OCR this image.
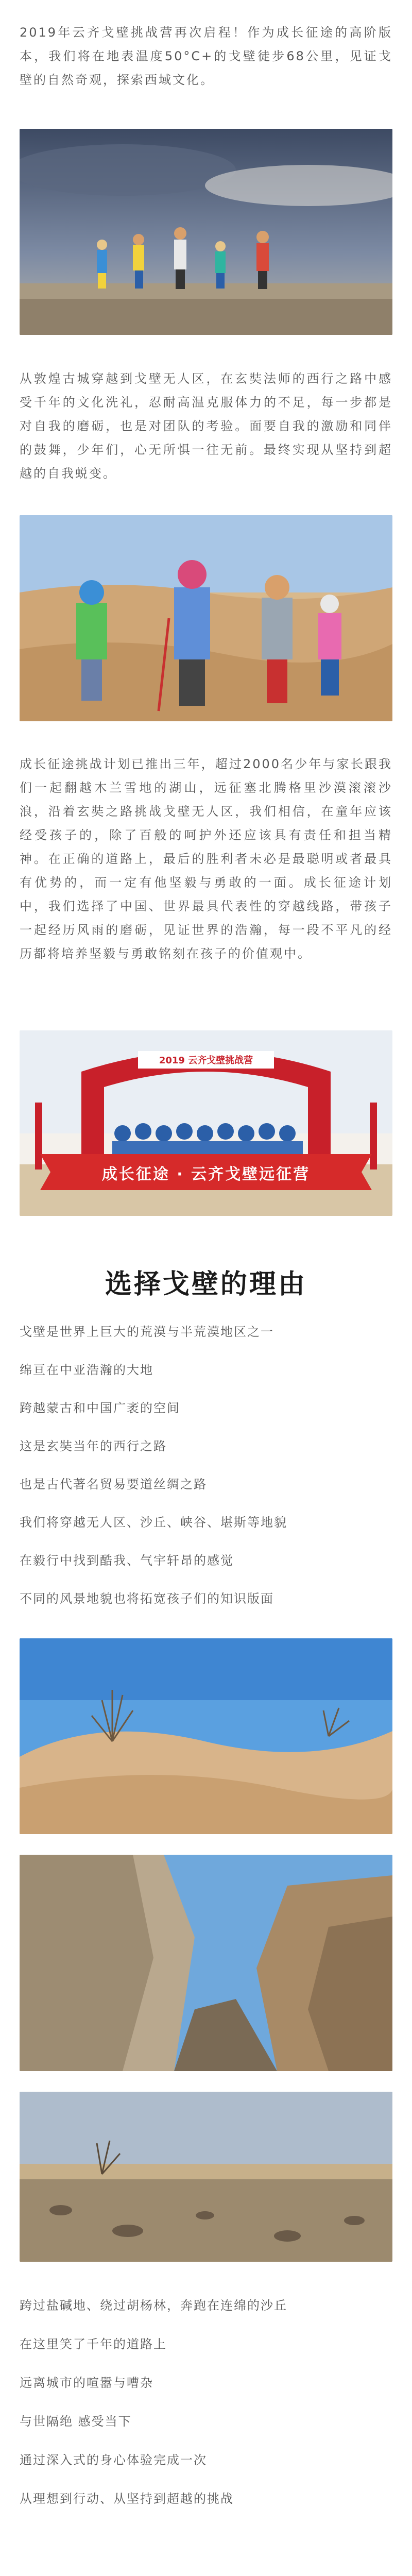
2019年云齐戈壁挑战营再次启程！作为成长征途的高阶版本，我们将在地表温度50°C+的戈壁徒步68公里，见证戈壁的自然奇观，探索西域文化。

从敦煌古城穿越到戈壁无人区，在玄奘法师的西行之路中感受千年的文化洗礼，忍耐高温克服体力的不足，每一步都是对自我的磨砺，也是对团队的考验。面要自我的激励和同伴的鼓舞，少年们，心无所惧一往无前。最终实现从坚持到超越的自我蜕变。

成长征途挑战计划已推出三年，超过2000名少年与家长跟我们一起翻越木兰雪地的湖山，远征塞北腾格里沙漠滚滚沙浪，沿着玄奘之路挑战戈壁无人区，我们相信，在童年应该经受孩子的，除了百般的呵护外还应该具有责任和担当精神。在正确的道路上，最后的胜利者未必是最聪明或者最具有优势的，而一定有他坚毅与勇敢的一面。成长征途计划中，我们选择了中国、世界最具代表性的穿越线路，带孩子一起经历风雨的磨砺，见证世界的浩瀚，每一段不平凡的经历都将培养坚毅与勇敢铭刻在孩子的价值观中。

2019 云齐戈壁挑战营
成长征途 · 云齐戈壁远征营
选择戈壁的理由
戈壁是世界上巨大的荒漠与半荒漠地区之一
绵亘在中亚浩瀚的大地
跨越蒙古和中国广袤的空间
这是玄奘当年的西行之路
也是古代著名贸易要道丝绸之路
我们将穿越无人区、沙丘、峡谷、堪斯等地貌
在毅行中找到酷我、气宇轩昂的感觉
不同的风景地貌也将拓宽孩子们的知识版面
跨过盐碱地、绕过胡杨林，奔跑在连绵的沙丘
在这里笑了千年的道路上
远离城市的喧嚣与嘈杂
与世隔绝 感受当下
通过深入式的身心体验完成一次
从理想到行动、从坚持到超越的挑战
